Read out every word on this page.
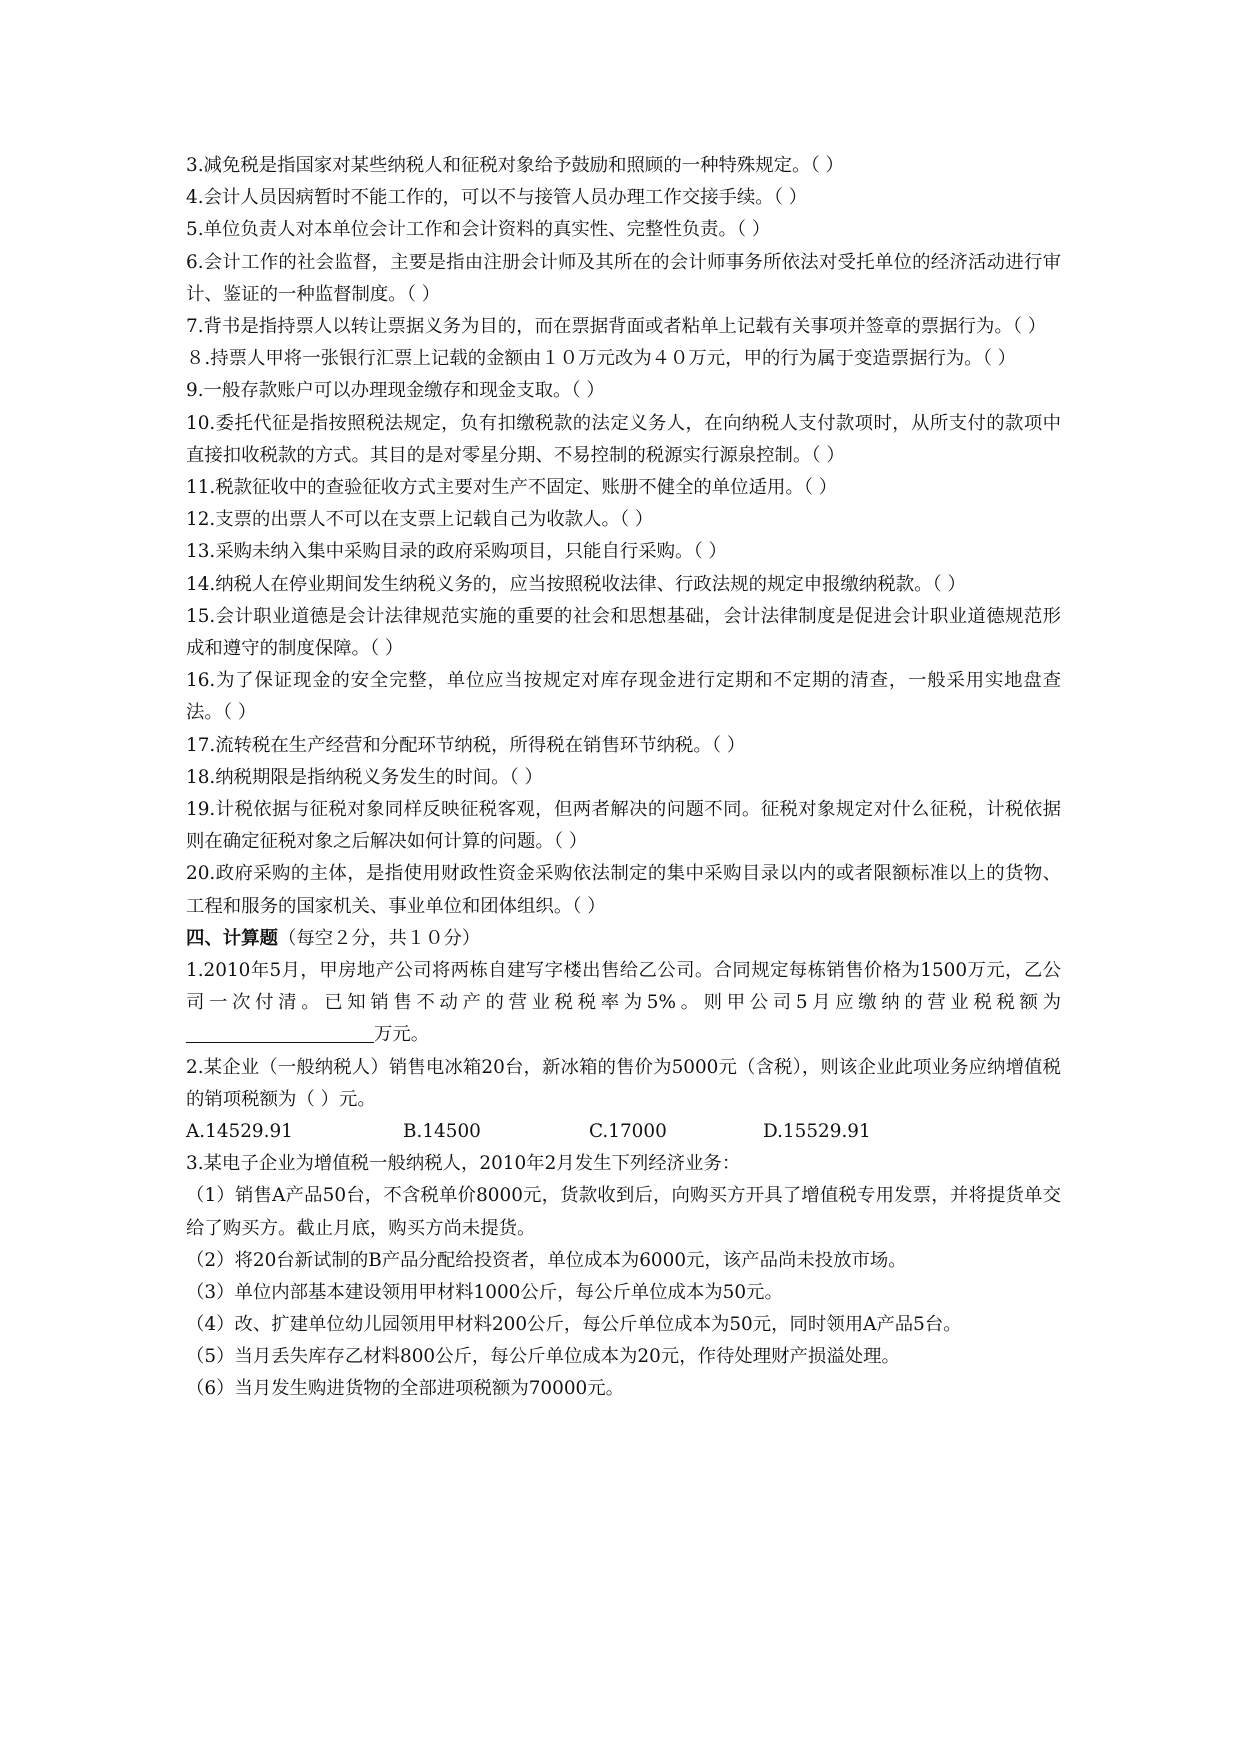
3.减免税是指国家对某些纳税人和征税对象给予鼓励和照顾的一种特殊规定。（ ）
4.会计人员因病暂时不能工作的，可以不与接管人员办理工作交接手续。（ ）
5.单位负责人对本单位会计工作和会计资料的真实性、完整性负责。（ ）
6.会计工作的社会监督，主要是指由注册会计师及其所在的会计师事务所依法对受托单位的经济活动进行审计、鉴证的一种监督制度。（ ）
7.背书是指持票人以转让票据义务为目的，而在票据背面或者粘单上记载有关事项并签章的票据行为。（ ）
８.持票人甲将一张银行汇票上记载的金额由１０万元改为４０万元，甲的行为属于变造票据行为。（ ）
9.一般存款账户可以办理现金缴存和现金支取。（ ）
10.委托代征是指按照税法规定，负有扣缴税款的法定义务人，在向纳税人支付款项时，从所支付的款项中直接扣收税款的方式。其目的是对零星分期、不易控制的税源实行源泉控制。（ ）
11.税款征收中的查验征收方式主要对生产不固定、账册不健全的单位适用。（ ）
12.支票的出票人不可以在支票上记载自己为收款人。（ ）
13.采购未纳入集中采购目录的政府采购项目，只能自行采购。（ ）
14.纳税人在停业期间发生纳税义务的，应当按照税收法律、行政法规的规定申报缴纳税款。（ ）
15.会计职业道德是会计法律规范实施的重要的社会和思想基础，会计法律制度是促进会计职业道德规范形成和遵守的制度保障。（ ）
16.为了保证现金的安全完整，单位应当按规定对库存现金进行定期和不定期的清查，一般采用实地盘查法。（ ）
17.流转税在生产经营和分配环节纳税，所得税在销售环节纳税。（ ）
18.纳税期限是指纳税义务发生的时间。（ ）
19.计税依据与征税对象同样反映征税客观，但两者解决的问题不同。征税对象规定对什么征税，计税依据则在确定征税对象之后解决如何计算的问题。（ ）
20.政府采购的主体，是指使用财政性资金采购依法制定的集中采购目录以内的或者限额标准以上的货物、工程和服务的国家机关、事业单位和团体组织。（ ）
四、计算题（每空２分，共１０分）
1.2010年5月，甲房地产公司将两栋自建写字楼出售给乙公司。合同规定每栋销售价格为1500万元，乙公司一次付清。已知销售不动产的营业税税率为5%。则甲公司5月应缴纳的营业税税额为万元。
2.某企业（一般纳税人）销售电冰箱20台，新冰箱的售价为5000元（含税），则该企业此项业务应纳增值税的销项税额为（ ）元。
A.14529.91	B.14500	C.17000	D.15529.91
3.某电子企业为增值税一般纳税人，2010年2月发生下列经济业务：
（1）销售A产品50台，不含税单价8000元，货款收到后，向购买方开具了增值税专用发票，并将提货单交给了购买方。截止月底，购买方尚未提货。
（2）将20台新试制的B产品分配给投资者，单位成本为6000元，该产品尚未投放市场。
（3）单位内部基本建设领用甲材料1000公斤，每公斤单位成本为50元。
（4）改、扩建单位幼儿园领用甲材料200公斤，每公斤单位成本为50元，同时领用A产品5台。
（5）当月丢失库存乙材料800公斤，每公斤单位成本为20元，作待处理财产损溢处理。
（6）当月发生购进货物的全部进项税额为70000元。
